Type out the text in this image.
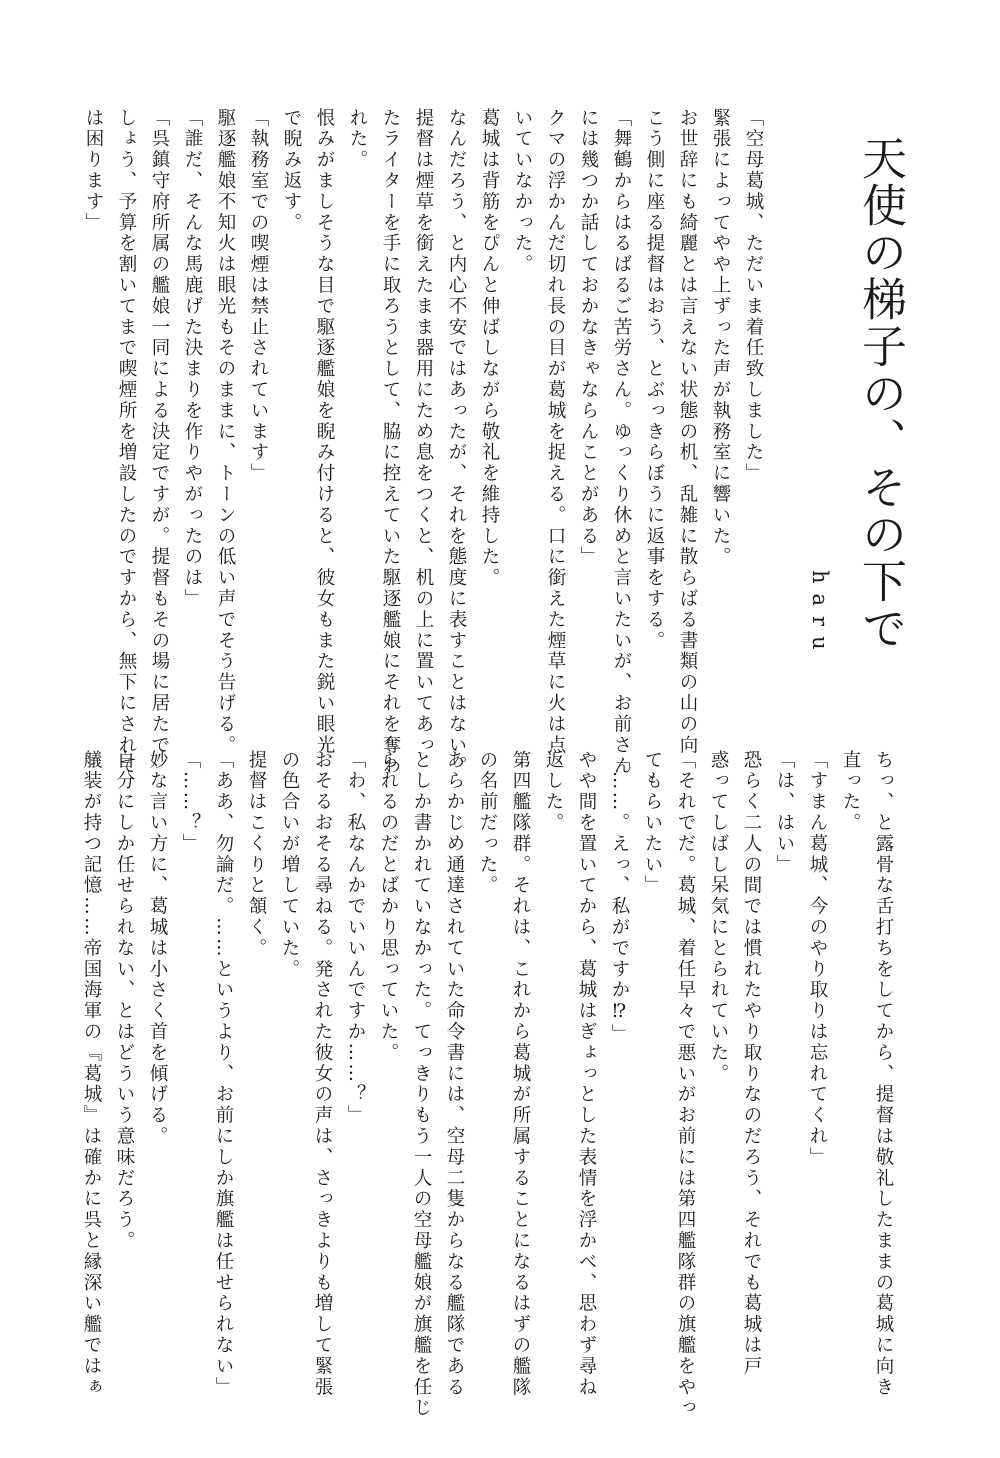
天使の梯子の、その下で
haru
「空母葛城、ただいま着任致しました」
緊張によってやや上ずった声が執務室に響いた。
お世辞にも綺麗とは言えない状態の机、乱雑に散らばる書類の山の向
こう側に座る提督はおう、とぶっきらぼうに返事をする。
「舞鶴からはるばるご苦労さん。ゆっくり休めと言いたいが、お前さん
には幾つか話しておかなきゃならんことがある」
クマの浮かんだ切れ長の目が葛城を捉える。口に銜えた煙草に火は点
いていなかった。
葛城は背筋をぴんと伸ばしながら敬礼を維持した。
なんだろう、と内心不安ではあったが、それを態度に表すことはない。
提督は煙草を銜えたまま器用にため息をつくと、机の上に置いてあっ
たライターを手に取ろうとして、脇に控えていた駆逐艦娘にそれを奪わ
れた。
恨みがましそうな目で駆逐艦娘を睨み付けると、彼女もまた鋭い眼光
で睨み返す。
「執務室での喫煙は禁止されています」
駆逐艦娘不知火は眼光もそのままに、トーンの低い声でそう告げる。
「誰だ、そんな馬鹿げた決まりを作りやがったのは」
「呉鎮守府所属の艦娘一同による決定ですが。提督もその場に居たで
しょう、予算を割いてまで喫煙所を増設したのですから、無下にされて
は困ります」
ちっ、と露骨な舌打ちをしてから、提督は敬礼したままの葛城に向き
直った。
「すまん葛城、今のやり取りは忘れてくれ」
「は、はい」
恐らく二人の間では慣れたやり取りなのだろう、それでも葛城は戸
惑ってしばし呆気にとられていた。
「それでだ。葛城、着任早々で悪いがお前には第四艦隊群の旗艦をやっ
てもらいたい」
「……。えっ、私がですか⁉」
やや間を置いてから、葛城はぎょっとした表情を浮かべ、思わず尋ね
返した。
第四艦隊群。それは、これから葛城が所属することになるはずの艦隊
の名前だった。
あらかじめ通達されていた命令書には、空母二隻からなる艦隊である
としか書かれていなかった。てっきりもう一人の空母艦娘が旗艦を任じ
られるのだとばかり思っていた。
「わ、私なんかでいいんですか……？」
おそるおそる尋ねる。発された彼女の声は、さっきよりも増して緊張
の色合いが増していた。
提督はこくりと頷く。
「ああ、勿論だ。……というより、お前にしか旗艦は任せられない」
「……？」
妙な言い方に、葛城は小さく首を傾げる。
自分にしか任せられない、とはどういう意味だろう。
艤装が持つ記憶……帝国海軍の『葛城』は確かに呉と縁深い艦ではぁ
